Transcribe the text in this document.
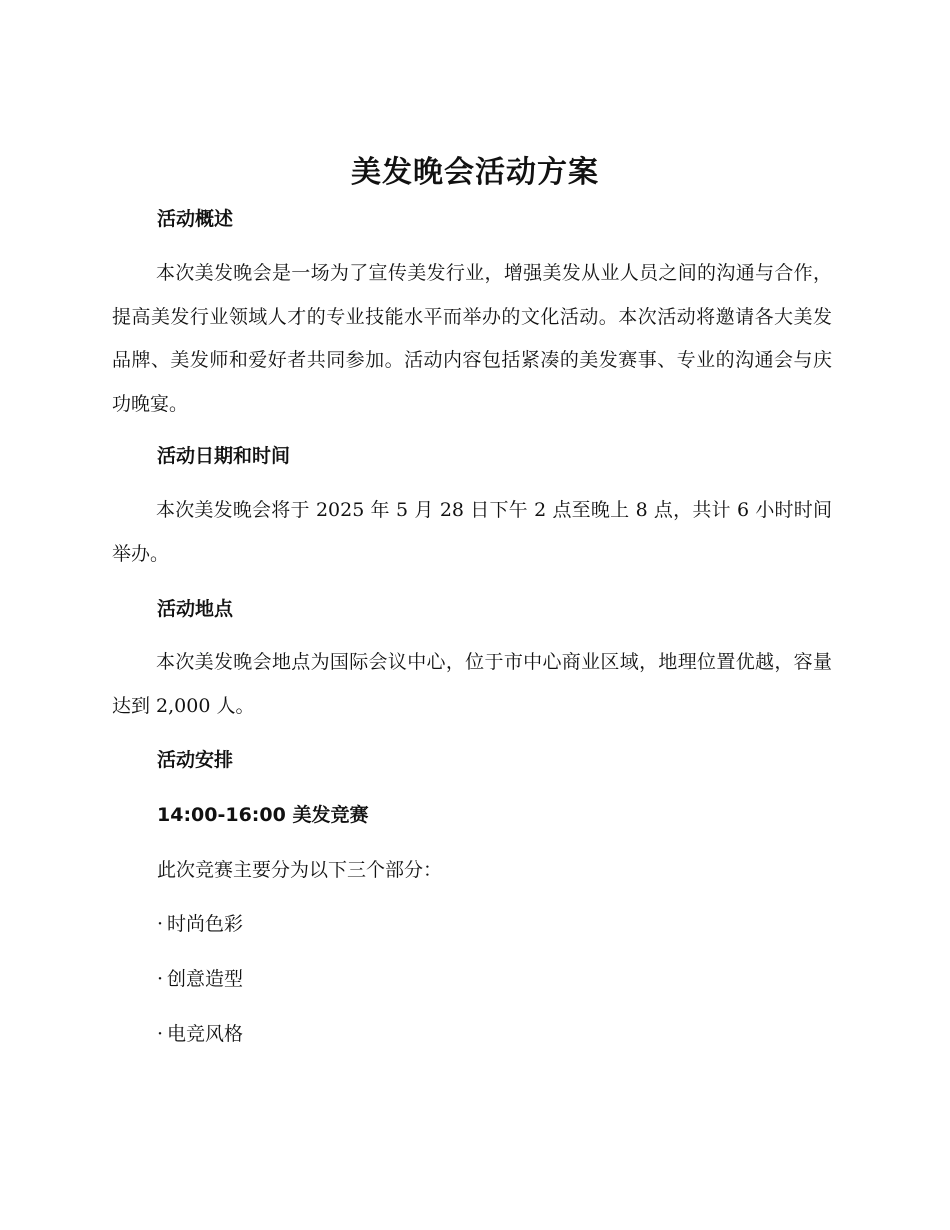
美发晚会活动方案
活动概述

本次美发晚会是一场为了宣传美发行业，增强美发从业人员之间的沟通与合作，提高美发行业领域人才的专业技能水平而举办的文化活动。本次活动将邀请各大美发品牌、美发师和爱好者共同参加。活动内容包括紧凑的美发赛事、专业的沟通会与庆功晚宴。

活动日期和时间

本次美发晚会将于 2025 年 5 月 28 日下午 2 点至晚上 8 点，共计 6 小时时间举办。

活动地点

本次美发晚会地点为国际会议中心，位于市中心商业区域，地理位置优越，容量达到 2,000 人。

活动安排
14:00-16:00 美发竞赛

此次竞赛主要分为以下三个部分：

· 时尚色彩

· 创意造型

· 电竞风格
